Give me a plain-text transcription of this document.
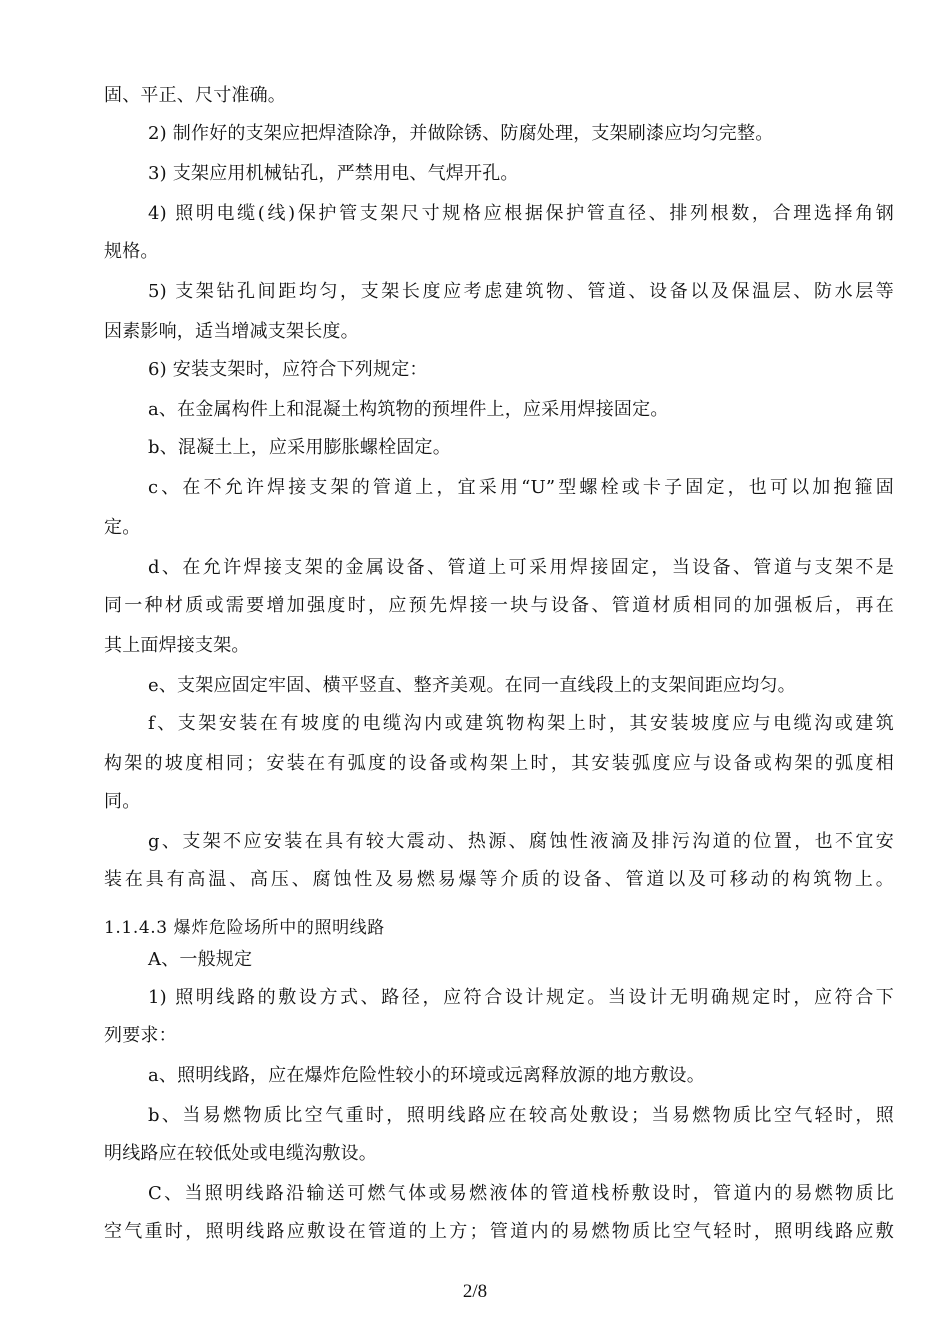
固、平正、尺寸准确。
2) 制作好的支架应把焊渣除净，并做除锈、防腐处理，支架刷漆应均匀完整。
3) 支架应用机械钻孔，严禁用电、气焊开孔。
4) 照明电缆(线)保护管支架尺寸规格应根据保护管直径、排列根数，合理选择角钢
规格。
5) 支架钻孔间距均匀，支架长度应考虑建筑物、管道、设备以及保温层、防水层等
因素影响，适当增减支架长度。
6) 安装支架时，应符合下列规定：
a、在金属构件上和混凝土构筑物的预埋件上，应采用焊接固定。
b、混凝土上，应采用膨胀螺栓固定。
c、在不允许焊接支架的管道上，宜采用“U”型螺栓或卡子固定，也可以加抱箍固
定。
d、在允许焊接支架的金属设备、管道上可采用焊接固定，当设备、管道与支架不是
同一种材质或需要增加强度时，应预先焊接一块与设备、管道材质相同的加强板后，再在
其上面焊接支架。
e、支架应固定牢固、横平竖直、整齐美观。在同一直线段上的支架间距应均匀。
f、支架安装在有坡度的电缆沟内或建筑物构架上时，其安装坡度应与电缆沟或建筑
构架的坡度相同；安装在有弧度的设备或构架上时，其安装弧度应与设备或构架的弧度相
同。
g、支架不应安装在具有较大震动、热源、腐蚀性液滴及排污沟道的位置，也不宜安
装在具有高温、高压、腐蚀性及易燃易爆等介质的设备、管道以及可移动的构筑物上。
1.1.4.3 爆炸危险场所中的照明线路
A、一般规定
1) 照明线路的敷设方式、路径，应符合设计规定。当设计无明确规定时，应符合下
列要求：
a、照明线路，应在爆炸危险性较小的环境或远离释放源的地方敷设。
b、当易燃物质比空气重时，照明线路应在较高处敷设；当易燃物质比空气轻时，照
明线路应在较低处或电缆沟敷设。
C、当照明线路沿输送可燃气体或易燃液体的管道栈桥敷设时，管道内的易燃物质比
空气重时，照明线路应敷设在管道的上方；管道内的易燃物质比空气轻时，照明线路应敷
2/8
